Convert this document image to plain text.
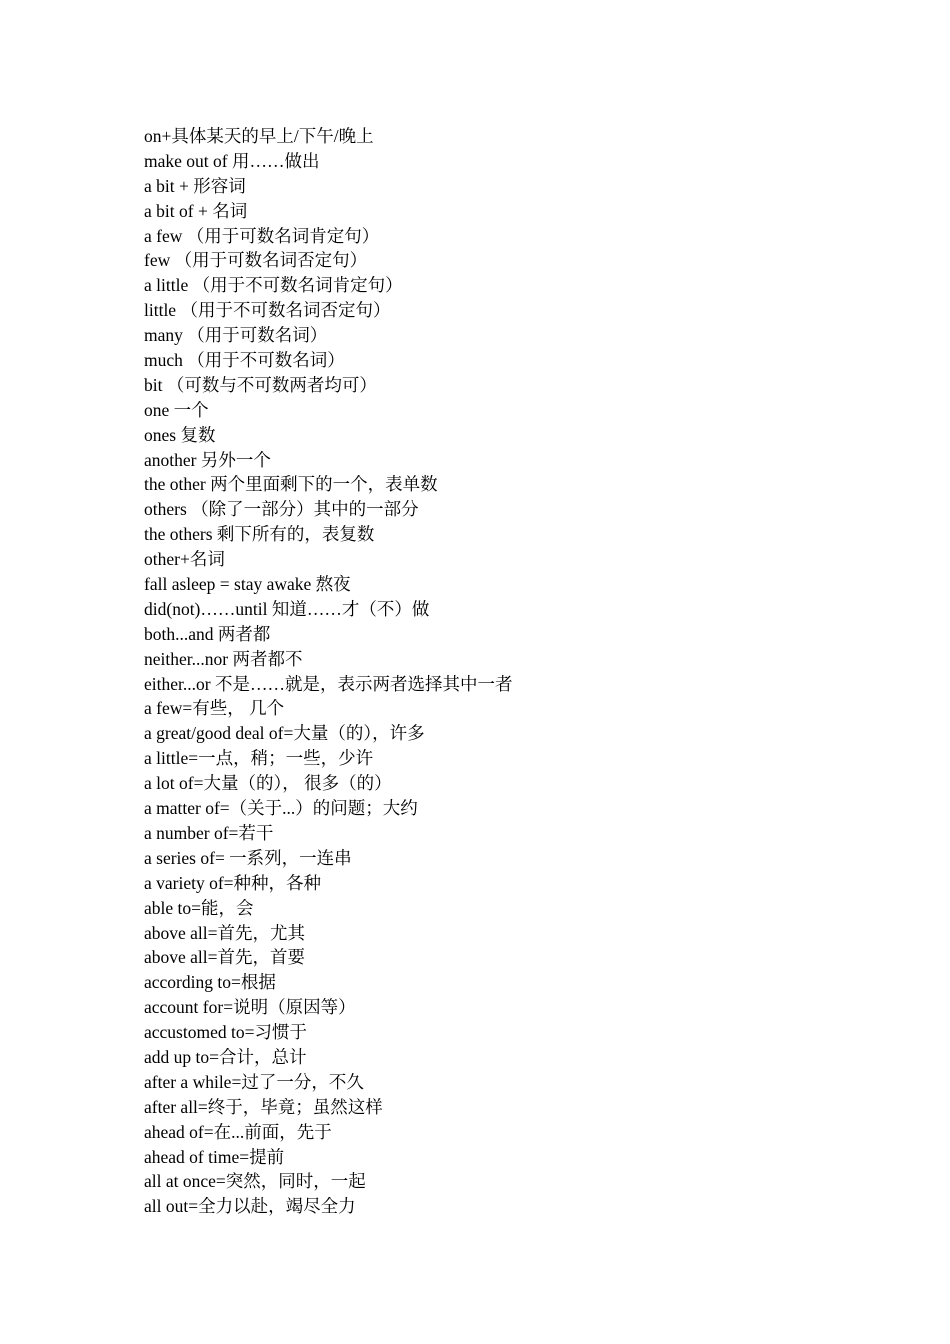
on+具体某天的早上/下午/晚上
make out of 用……做出
a bit + 形容词
a bit of + 名词
a few （用于可数名词肯定句）
few （用于可数名词否定句）
a little （用于不可数名词肯定句）
little （用于不可数名词否定句）
many （用于可数名词）
much （用于不可数名词）
bit （可数与不可数两者均可）
one 一个
ones 复数
another 另外一个
the other 两个里面剩下的一个，表单数
others （除了一部分）其中的一部分
the others 剩下所有的，表复数
other+名词
fall asleep = stay awake 熬夜
did(not)……until 知道……才（不）做
both...and 两者都
neither...nor 两者都不
either...or 不是……就是，表示两者选择其中一者
a few=有些， 几个
a great/good deal of=大量（的），许多
a little=一点，稍；一些，少许
a lot of=大量（的）， 很多（的）
a matter of=（关于...）的问题；大约
a number of=若干
a series of= 一系列，一连串
a variety of=种种，各种
able to=能，会
above all=首先，尤其
above all=首先，首要
according to=根据
account for=说明（原因等）
accustomed to=习惯于
add up to=合计，总计
after a while=过了一分，不久
after all=终于，毕竟；虽然这样
ahead of=在...前面，先于
ahead of time=提前
all at once=突然，同时，一起
all out=全力以赴，竭尽全力
